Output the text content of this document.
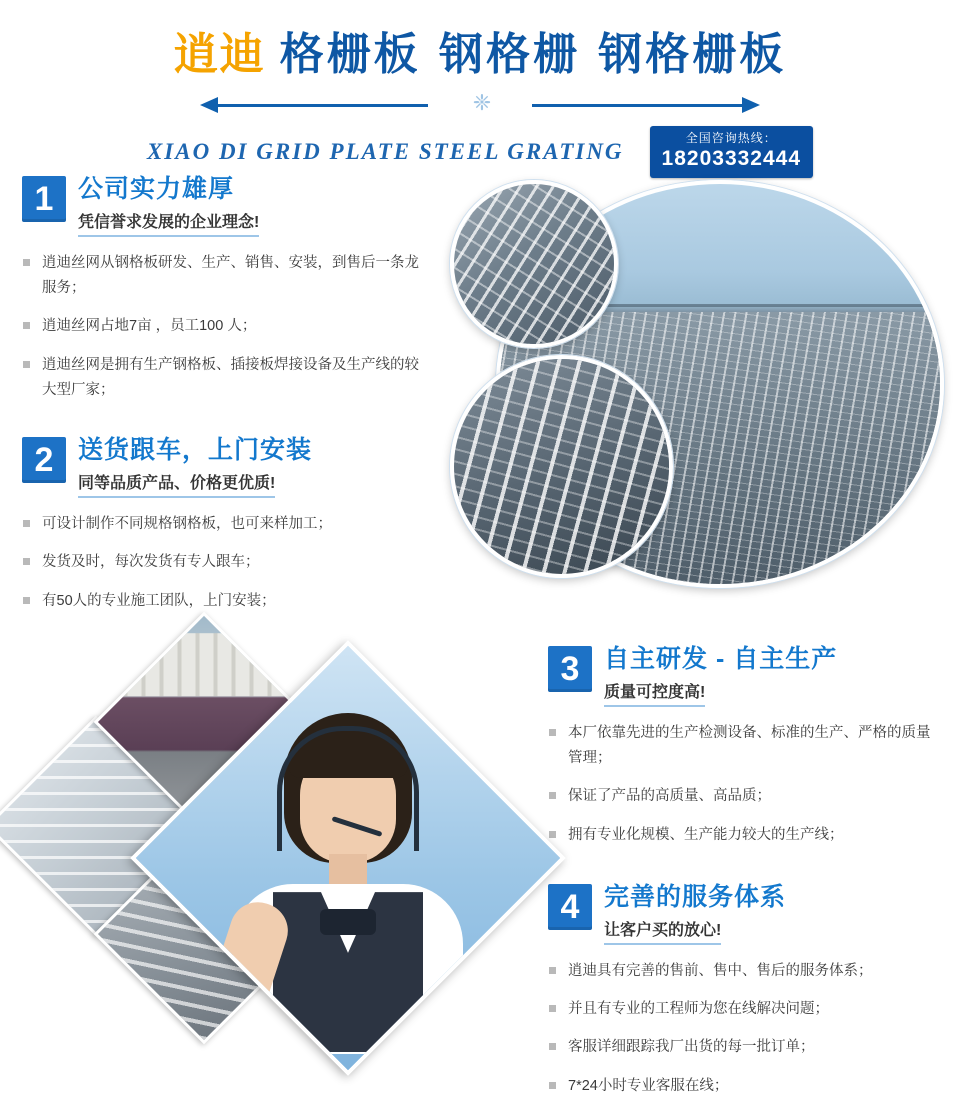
逍迪 格栅板 钢格栅 钢格栅板
❈
XIAO DI GRID PLATE STEEL GRATING
全国咨询热线：
18203332444
1 公司实力雄厚
凭信誉求发展的企业理念!
逍迪丝网从钢格板研发、生产、销售、安装，到售后一条龙服务；
逍迪丝网占地7亩 ，员工100 人；
逍迪丝网是拥有生产钢格板、插接板焊接设备及生产线的较大型厂家；
2 送货跟车，上门安装
同等品质产品、价格更优质!
可设计制作不同规格钢格板，也可来样加工；
发货及时，每次发货有专人跟车；
有50人的专业施工团队，上门安装；
3 自主研发 - 自主生产
质量可控度高!
本厂依靠先进的生产检测设备、标准的生产、严格的质量管理；
保证了产品的高质量、高品质；
拥有专业化规模、生产能力较大的生产线；
4 完善的服务体系
让客户买的放心!
逍迪具有完善的售前、售中、售后的服务体系；
并且有专业的工程师为您在线解决问题；
客服详细跟踪我厂出货的每一批订单；
7*24小时专业客服在线；
